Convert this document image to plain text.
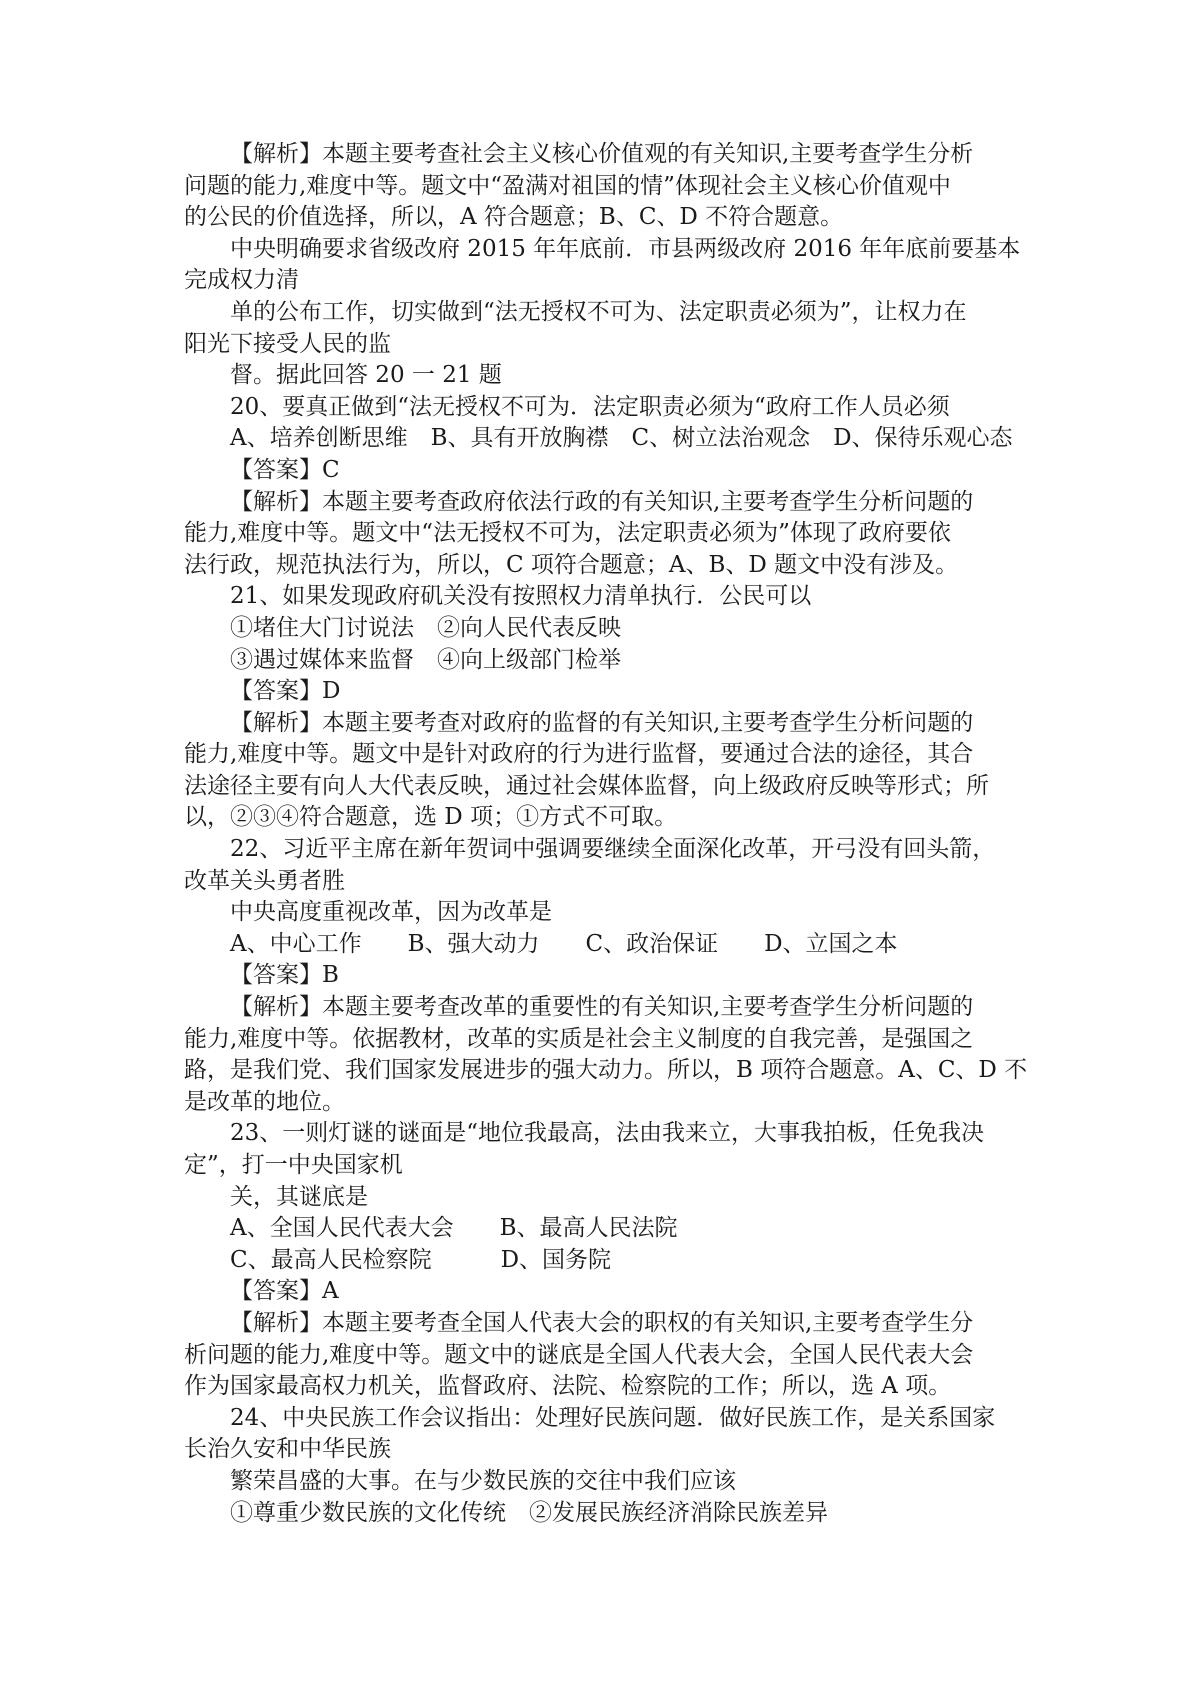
【解析】本题主要考查社会主义核心价值观的有关知识,主要考查学生分析
问题的能力,难度中等。题文中“盈满对祖国的情”体现社会主义核心价值观中
的公民的价值选择，所以，A 符合题意；B、C、D 不符合题意。
中央明确要求省级改府 2015 年年底前．市县两级改府 2016 年年底前要基本
完成权力清
单的公布工作，切实做到“法无授权不可为、法定职责必须为”，让权力在
阳光下接受人民的监
督。据此回答 20 一 21 题
20、要真正做到“法无授权不可为．法定职责必须为“政府工作人员必须
A、培养创断思维　B、具有开放胸襟　C、树立法治观念　D、保待乐观心态
【答案】C
【解析】本题主要考查政府依法行政的有关知识,主要考查学生分析问题的
能力,难度中等。题文中“法无授权不可为，法定职责必须为”体现了政府要依
法行政，规范执法行为，所以，C 项符合题意；A、B、D 题文中没有涉及。
21、如果发现政府矶关没有按照权力清单执行．公民可以
①堵住大门讨说法　②向人民代表反映
③遇过媒体来监督　④向上级部门检举
【答案】D
【解析】本题主要考查对政府的监督的有关知识,主要考查学生分析问题的
能力,难度中等。题文中是针对政府的行为进行监督，要通过合法的途径，其合
法途径主要有向人大代表反映，通过社会媒体监督，向上级政府反映等形式；所
以，②③④符合题意，选 D 项；①方式不可取。
22、习近平主席在新年贺词中强调要继续全面深化改革，开弓没有回头箭，
改革关头勇者胜
中央高度重视改革，因为改革是
A、中心工作　　B、强大动力　　C、政治保证　　D、立国之本
【答案】B
【解析】本题主要考查改革的重要性的有关知识,主要考查学生分析问题的
能力,难度中等。依据教材，改革的实质是社会主义制度的自我完善，是强国之
路，是我们党、我们国家发展进步的强大动力。所以，B 项符合题意。A、C、D 不
是改革的地位。
23、一则灯谜的谜面是“地位我最高，法由我来立，大事我拍板，任免我决
定”，打一中央国家机
关，其谜底是
A、全国人民代表大会　　B、最高人民法院
C、最高人民检察院　　　D、国务院
【答案】A
【解析】本题主要考查全国人代表大会的职权的有关知识,主要考查学生分
析问题的能力,难度中等。题文中的谜底是全国人代表大会，全国人民代表大会
作为国家最高权力机关，监督政府、法院、检察院的工作；所以，选 A 项。
24、中央民族工作会议指出：处理好民族问题．做好民族工作，是关系国家
长治久安和中华民族
繁荣昌盛的大事。在与少数民族的交往中我们应该
①尊重少数民族的文化传统　②发展民族经济消除民族差异
